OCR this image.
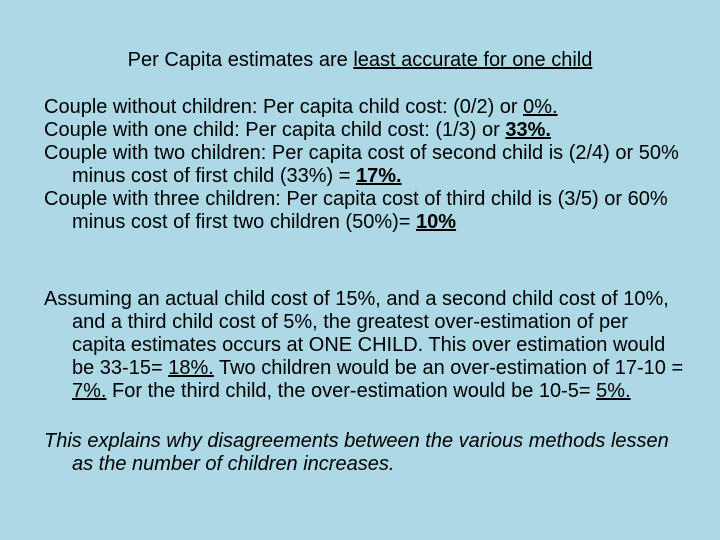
Per Capita estimates are least accurate for one child

Couple without children: Per capita child cost: (0/2) or 0%.

Couple with one child: Per capita child cost: (1/3) or 33%.

Couple with two children: Per capita cost of second child is (2/4) or 50% minus cost of first child (33%) = 17%.

Couple with three children: Per capita cost of third child is (3/5) or 60% minus cost of first two children (50%)= 10%

Assuming an actual child cost of 15%, and a second child cost of 10%, and a third child cost of 5%, the greatest over-estimation of per capita estimates occurs at ONE CHILD. This over estimation would be 33-15= 18%. Two children would be an over-estimation of 17-10 = 7%. For the third child, the over-estimation would be 10-5= 5%.

This explains why disagreements between the various methods lessen as the number of children increases.
